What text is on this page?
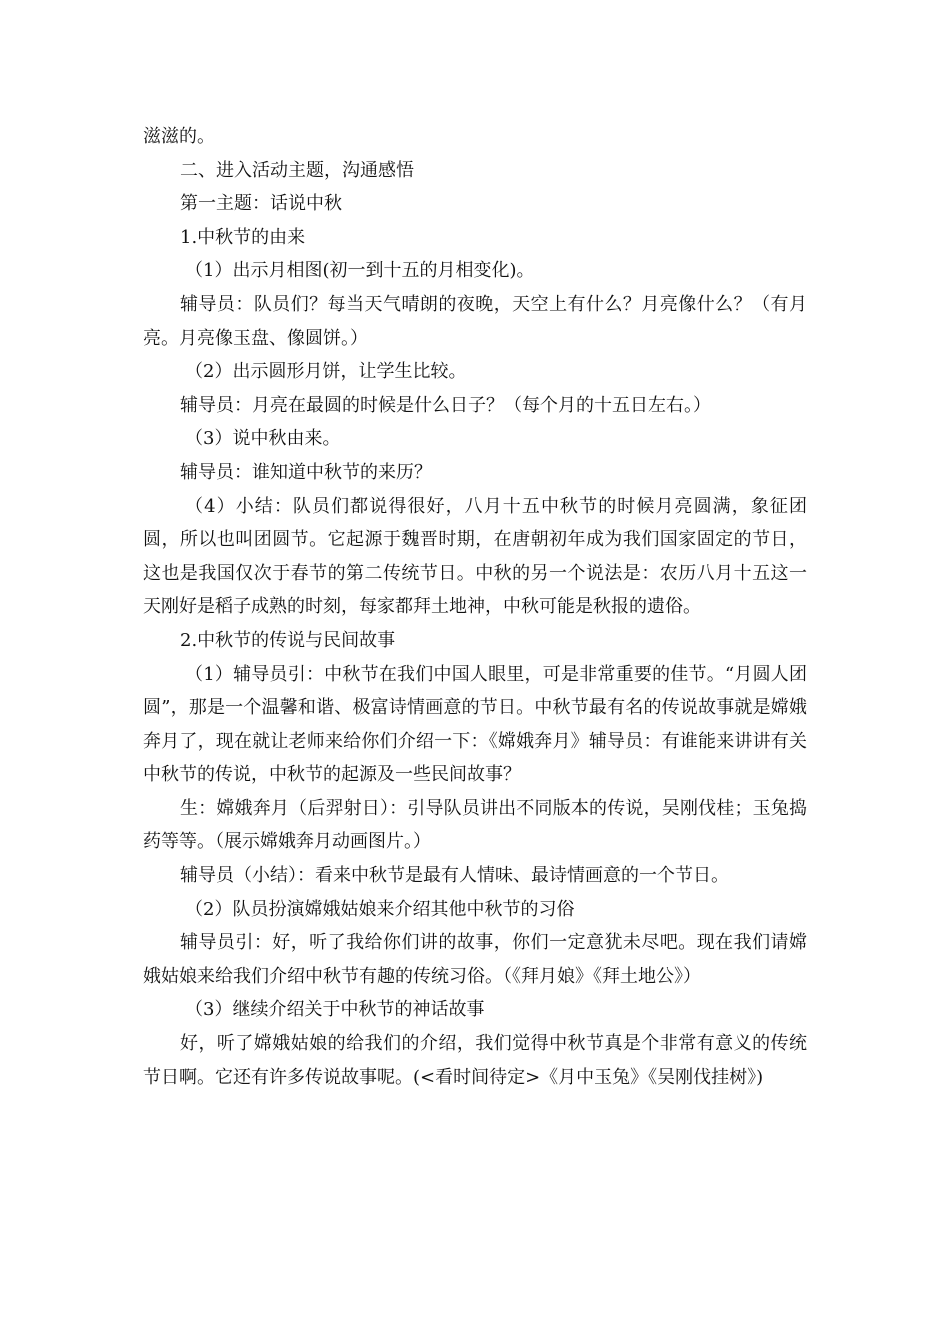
滋滋的。

二、进入活动主题，沟通感悟

第一主题：话说中秋

1.中秋节的由来

（1）出示月相图(初一到十五的月相变化)。

辅导员：队员们？每当天气晴朗的夜晚，天空上有什么？月亮像什么？（有月亮。月亮像玉盘、像圆饼。）

（2）出示圆形月饼，让学生比较。

辅导员：月亮在最圆的时候是什么日子？（每个月的十五日左右。）

（3）说中秋由来。

辅导员：谁知道中秋节的来历？

（4）小结：队员们都说得很好，八月十五中秋节的时候月亮圆满，象征团圆，所以也叫团圆节。它起源于魏晋时期，在唐朝初年成为我们国家固定的节日，这也是我国仅次于春节的第二传统节日。中秋的另一个说法是：农历八月十五这一天刚好是稻子成熟的时刻，每家都拜土地神，中秋可能是秋报的遗俗。

2.中秋节的传说与民间故事

（1）辅导员引：中秋节在我们中国人眼里，可是非常重要的佳节。“月圆人团圆”，那是一个温馨和谐、极富诗情画意的节日。中秋节最有名的传说故事就是嫦娥奔月了，现在就让老师来给你们介绍一下：《嫦娥奔月》辅导员：有谁能来讲讲有关中秋节的传说，中秋节的起源及一些民间故事？

生：嫦娥奔月（后羿射日）：引导队员讲出不同版本的传说，吴刚伐桂；玉兔捣药等等。（展示嫦娥奔月动画图片。）

辅导员（小结）：看来中秋节是最有人情味、最诗情画意的一个节日。

（2）队员扮演嫦娥姑娘来介绍其他中秋节的习俗

辅导员引：好，听了我给你们讲的故事，你们一定意犹未尽吧。现在我们请嫦娥姑娘来给我们介绍中秋节有趣的传统习俗。（《拜月娘》《拜土地公》）

（3）继续介绍关于中秋节的神话故事

好，听了嫦娥姑娘的给我们的介绍，我们觉得中秋节真是个非常有意义的传统节日啊。它还有许多传说故事呢。(<看时间待定>《月中玉兔》《吴刚伐挂树》)
